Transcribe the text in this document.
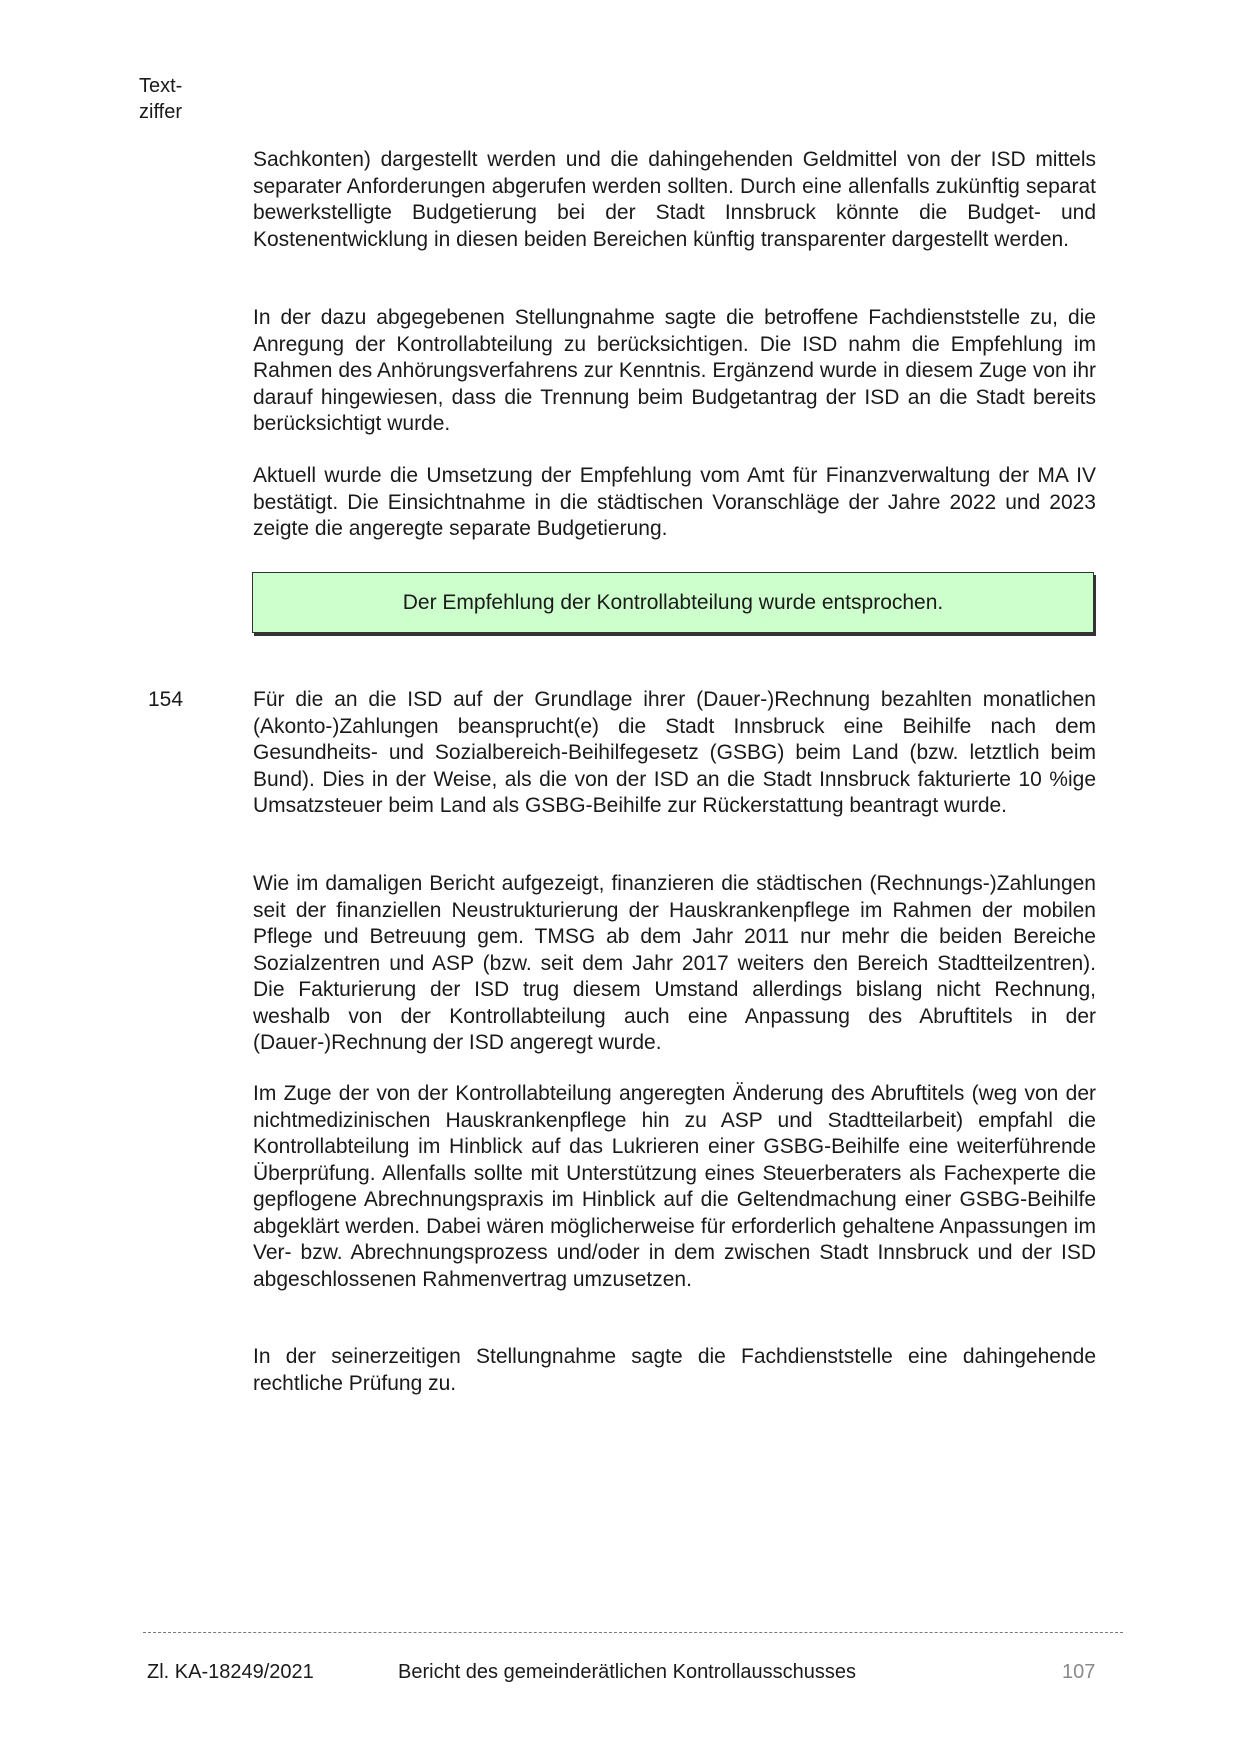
Text-
ziffer

Sachkonten) dargestellt werden und die dahingehenden Geldmittel von der ISD mittels separater Anforderungen abgerufen werden sollten. Durch eine allenfalls zukünftig separat bewerkstelligte Budgetierung bei der Stadt Innsbruck könnte die Budget- und Kostenentwicklung in diesen beiden Bereichen künftig transparenter dargestellt werden.

In der dazu abgegebenen Stellungnahme sagte die betroffene Fachdienststelle zu, die Anregung der Kontrollabteilung zu berücksichtigen. Die ISD nahm die Empfehlung im Rahmen des Anhörungsverfahrens zur Kenntnis. Ergänzend wurde in diesem Zuge von ihr darauf hingewiesen, dass die Trennung beim Budgetantrag der ISD an die Stadt bereits berücksichtigt wurde.

Aktuell wurde die Umsetzung der Empfehlung vom Amt für Finanzverwaltung der MA IV bestätigt. Die Einsichtnahme in die städtischen Voranschläge der Jahre 2022 und 2023 zeigte die angeregte separate Budgetierung.

Der Empfehlung der Kontrollabteilung wurde entsprochen.
154	Für die an die ISD auf der Grundlage ihrer (Dauer-)Rechnung bezahlten monatlichen (Akonto-)Zahlungen beansprucht(e) die Stadt Innsbruck eine Beihilfe nach dem Gesundheits- und Sozialbereich-Beihilfegesetz (GSBG) beim Land (bzw. letztlich beim Bund). Dies in der Weise, als die von der ISD an die Stadt Innsbruck fakturierte 10 %ige Umsatzsteuer beim Land als GSBG-Beihilfe zur Rückerstattung beantragt wurde.

Wie im damaligen Bericht aufgezeigt, finanzieren die städtischen (Rechnungs-)Zahlungen seit der finanziellen Neustrukturierung der Hauskrankenpflege im Rahmen der mobilen Pflege und Betreuung gem. TMSG ab dem Jahr 2011 nur mehr die beiden Bereiche Sozialzentren und ASP (bzw. seit dem Jahr 2017 weiters den Bereich Stadtteilzentren). Die Fakturierung der ISD trug diesem Umstand allerdings bislang nicht Rechnung, weshalb von der Kontrollabteilung auch eine Anpassung des Abruftitels in der (Dauer-)Rechnung der ISD angeregt wurde.

Im Zuge der von der Kontrollabteilung angeregten Änderung des Abruftitels (weg von der nichtmedizinischen Hauskrankenpflege hin zu ASP und Stadtteilarbeit) empfahl die Kontrollabteilung im Hinblick auf das Lukrieren einer GSBG-Beihilfe eine weiterführende Überprüfung. Allenfalls sollte mit Unterstützung eines Steuerberaters als Fachexperte die gepflogene Abrechnungspraxis im Hinblick auf die Geltendmachung einer GSBG-Beihilfe abgeklärt werden. Dabei wären möglicherweise für erforderlich gehaltene Anpassungen im Ver- bzw. Abrechnungsprozess und/oder in dem zwischen Stadt Innsbruck und der ISD abgeschlossenen Rahmenvertrag umzusetzen.

In der seinerzeitigen Stellungnahme sagte die Fachdienststelle eine dahingehende rechtliche Prüfung zu.

Zl. KA-18249/2021	Bericht des gemeinderätlichen Kontrollausschusses	107
